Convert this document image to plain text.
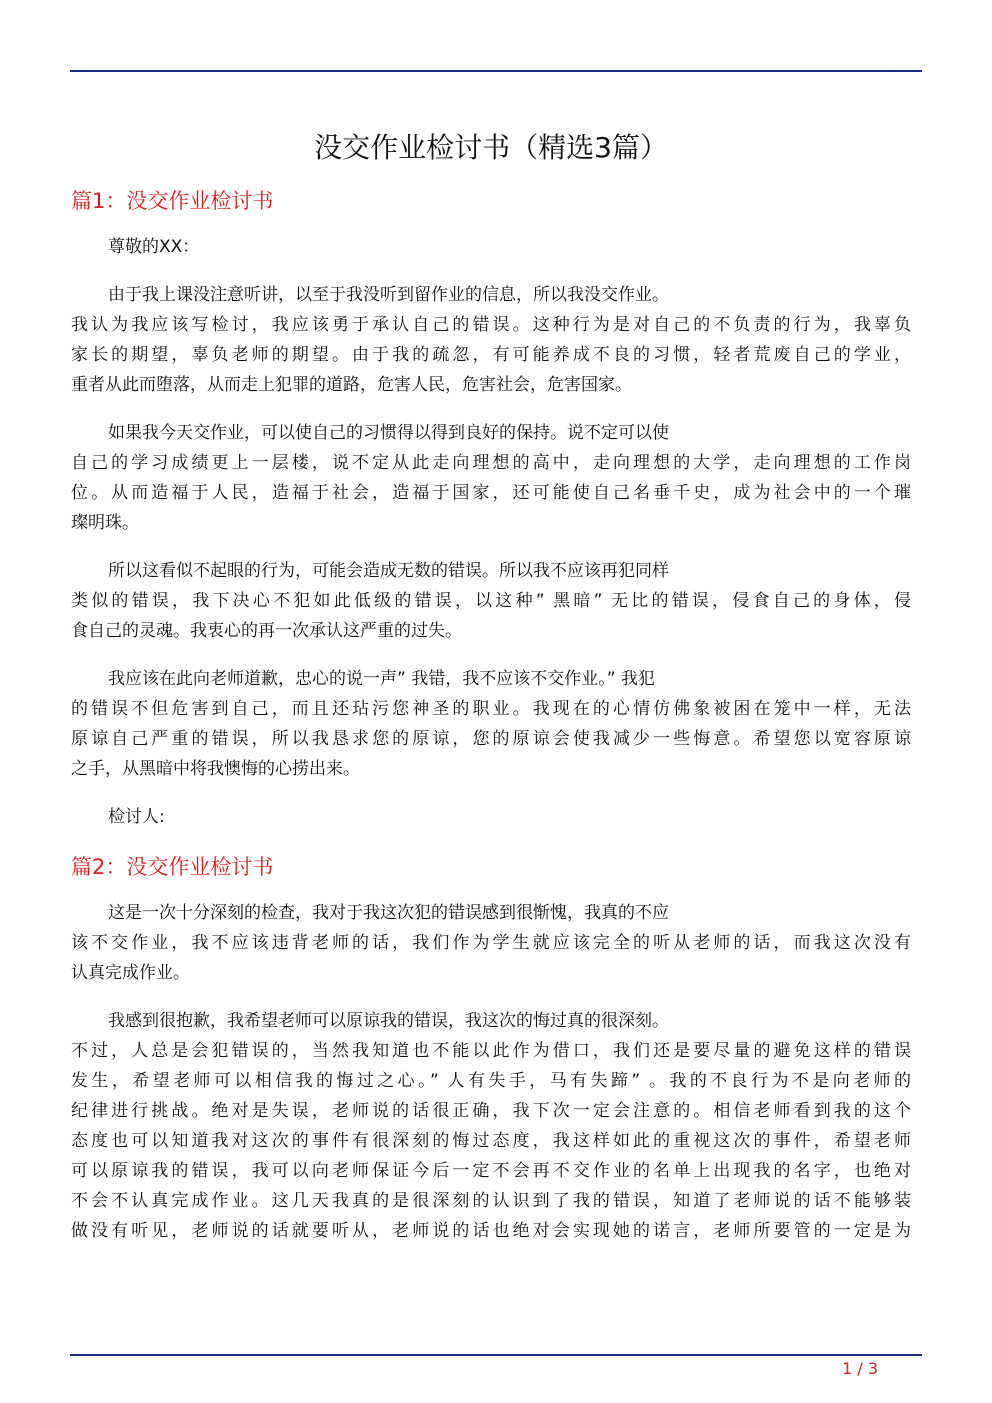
没交作业检讨书（精选3篇）
篇1：没交作业检讨书

尊敬的XX：

由于我上课没注意听讲，以至于我没听到留作业的信息，所以我没交作业。
我认为我应该写检讨，我应该勇于承认自己的错误。这种行为是对自己的不负责的行为，我辜负
家长的期望，辜负老师的期望。由于我的疏忽，有可能养成不良的习惯，轻者荒废自己的学业，
重者从此而堕落，从而走上犯罪的道路，危害人民，危害社会，危害国家。

如果我今天交作业，可以使自己的习惯得以得到良好的保持。说不定可以使
自己的学习成绩更上一层楼，说不定从此走向理想的高中，走向理想的大学，走向理想的工作岗
位。从而造福于人民，造福于社会，造福于国家，还可能使自己名垂千史，成为社会中的一个璀
璨明珠。

所以这看似不起眼的行为，可能会造成无数的错误。所以我不应该再犯同样
类似的错误，我下决心不犯如此低级的错误，以这种” 黑暗” 无比的错误，侵食自己的身体，侵
食自己的灵魂。我衷心的再一次承认这严重的过失。

我应该在此向老师道歉，忠心的说一声” 我错，我不应该不交作业。” 我犯
的错误不但危害到自己，而且还玷污您神圣的职业。我现在的心情仿佛象被困在笼中一样，无法
原谅自己严重的错误，所以我恳求您的原谅，您的原谅会使我减少一些悔意。希望您以宽容原谅
之手，从黑暗中将我懊悔的心捞出来。

检讨人:

篇2：没交作业检讨书

这是一次十分深刻的检查，我对于我这次犯的错误感到很惭愧，我真的不应
该不交作业，我不应该违背老师的话，我们作为学生就应该完全的听从老师的话，而我这次没有
认真完成作业。

我感到很抱歉，我希望老师可以原谅我的错误，我这次的悔过真的很深刻。
不过，人总是会犯错误的，当然我知道也不能以此作为借口，我们还是要尽量的避免这样的错误
发生，希望老师可以相信我的悔过之心。” 人有失手，马有失蹄” 。我的不良行为不是向老师的
纪律进行挑战。绝对是失误，老师说的话很正确，我下次一定会注意的。相信老师看到我的这个
态度也可以知道我对这次的事件有很深刻的悔过态度，我这样如此的重视这次的事件，希望老师
可以原谅我的错误，我可以向老师保证今后一定不会再不交作业的名单上出现我的名字，也绝对
不会不认真完成作业。这几天我真的是很深刻的认识到了我的错误，知道了老师说的话不能够装
做没有听见，老师说的话就要听从，老师说的话也绝对会实现她的诺言，老师所要管的一定是为

1 / 3
